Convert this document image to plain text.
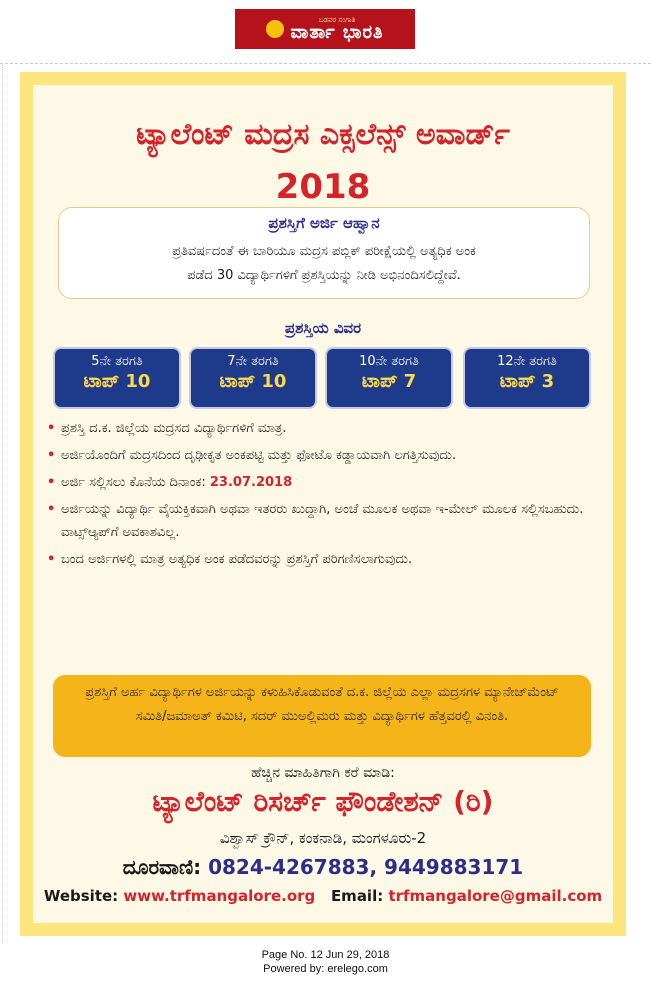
ಬಡವರ ಸಂಗಾತಿ
ವಾರ್ತಾ ಭಾರತಿ
ಟ್ಯಾಲೆಂಟ್ ಮದ್ರಸ ಎಕ್ಸಲೆನ್ಸ್ ಅವಾರ್ಡ್
2018
ಪ್ರಶಸ್ತಿಗೆ ಅರ್ಜಿ ಆಹ್ವಾನ
ಪ್ರತಿವರ್ಷದಂತೆ ಈ ಬಾರಿಯೂ ಮದ್ರಸ ಪಬ್ಲಿಕ್ ಪರೀಕ್ಷೆಯಲ್ಲಿ ಅತ್ಯಧಿಕ ಅಂಕ
ಪಡೆದ 30 ವಿದ್ಯಾರ್ಥಿಗಳಿಗೆ ಪ್ರಶಸ್ತಿಯನ್ನು ನೀಡಿ ಅಭಿನಂದಿಸಲಿದ್ದೇವೆ.
ಪ್ರಶಸ್ತಿಯ ವಿವರ
5ನೇ ತರಗತಿ
ಟಾಪ್ 10
7ನೇ ತರಗತಿ
ಟಾಪ್ 10
10ನೇ ತರಗತಿ
ಟಾಪ್ 7
12ನೇ ತರಗತಿ
ಟಾಪ್ 3
• ಪ್ರಶಸ್ತಿ ದ.ಕ. ಜಿಲ್ಲೆಯ ಮದ್ರಸದ ವಿದ್ಯಾರ್ಥಿಗಳಿಗೆ ಮಾತ್ರ.
• ಅರ್ಜಿಯೊಂದಿಗೆ ಮದ್ರಸದಿಂದ ದೃಢೀಕೃತ ಅಂಕಪಟ್ಟಿ ಮತ್ತು ಫೋಟೊ ಕಡ್ಡಾಯವಾಗಿ ಲಗತ್ತಿಸುವುದು.
• ಅರ್ಜಿ ಸಲ್ಲಿಸಲು ಕೊನೆಯ ದಿನಾಂಕ: 23.07.2018
• ಅರ್ಜಿಯನ್ನು ವಿದ್ಯಾರ್ಥಿ ವೈಯಕ್ತಿಕವಾಗಿ ಅಥವಾ ಇತರರು ಖುದ್ದಾಗಿ, ಅಂಚೆ ಮೂಲಕ ಅಥವಾ ಇ-ಮೇಲ್ ಮೂಲಕ ಸಲ್ಲಿಸಬಹುದು. ವಾಟ್ಸ್ಆ್ಯಪ್‌ಗೆ ಅವಕಾಶವಿಲ್ಲ.
• ಬಂದ ಅರ್ಜಿಗಳಲ್ಲಿ ಮಾತ್ರ ಅತ್ಯಧಿಕ ಅಂಕ ಪಡೆದವರನ್ನು ಪ್ರಶಸ್ತಿಗೆ ಪರಿಗಣಿಸಲಾಗುವುದು.
ಪ್ರಶಸ್ತಿಗೆ ಅರ್ಹ ವಿದ್ಯಾರ್ಥಿಗಳ ಅರ್ಜಿಯನ್ನು ಕಳುಹಿಸಿಕೊಡುವಂತೆ ದ.ಕ. ಜಿಲ್ಲೆಯ ಎಲ್ಲಾ ಮದ್ರಸಗಳ ಮ್ಯಾನೇಜ್‌ಮೆಂಟ್ ಸಮಿತಿ/ಜಮಾಅತ್ ಕಮಿಟಿ, ಸದರ್ ಮುಅಲ್ಲಿಮರು ಮತ್ತು ವಿದ್ಯಾರ್ಥಿಗಳ ಹೆತ್ತವರಲ್ಲಿ ವಿನಂತಿ.
ಹೆಚ್ಚಿನ ಮಾಹಿತಿಗಾಗಿ ಕರೆ ಮಾಡಿ:
ಟ್ಯಾಲೆಂಟ್ ರಿಸರ್ಚ್ ಫೌಂಡೇಶನ್ (ರಿ)
ವಿಶ್ವಾಸ್ ಕ್ರೌನ್, ಕಂಕನಾಡಿ, ಮಂಗಳೂರು-2
ದೂರವಾಣಿ: 0824-4267883, 9449883171
Website: www.trfmangalore.org Email: trfmangalore@gmail.com
Page No. 12 Jun 29, 2018
Powered by: erelego.com
